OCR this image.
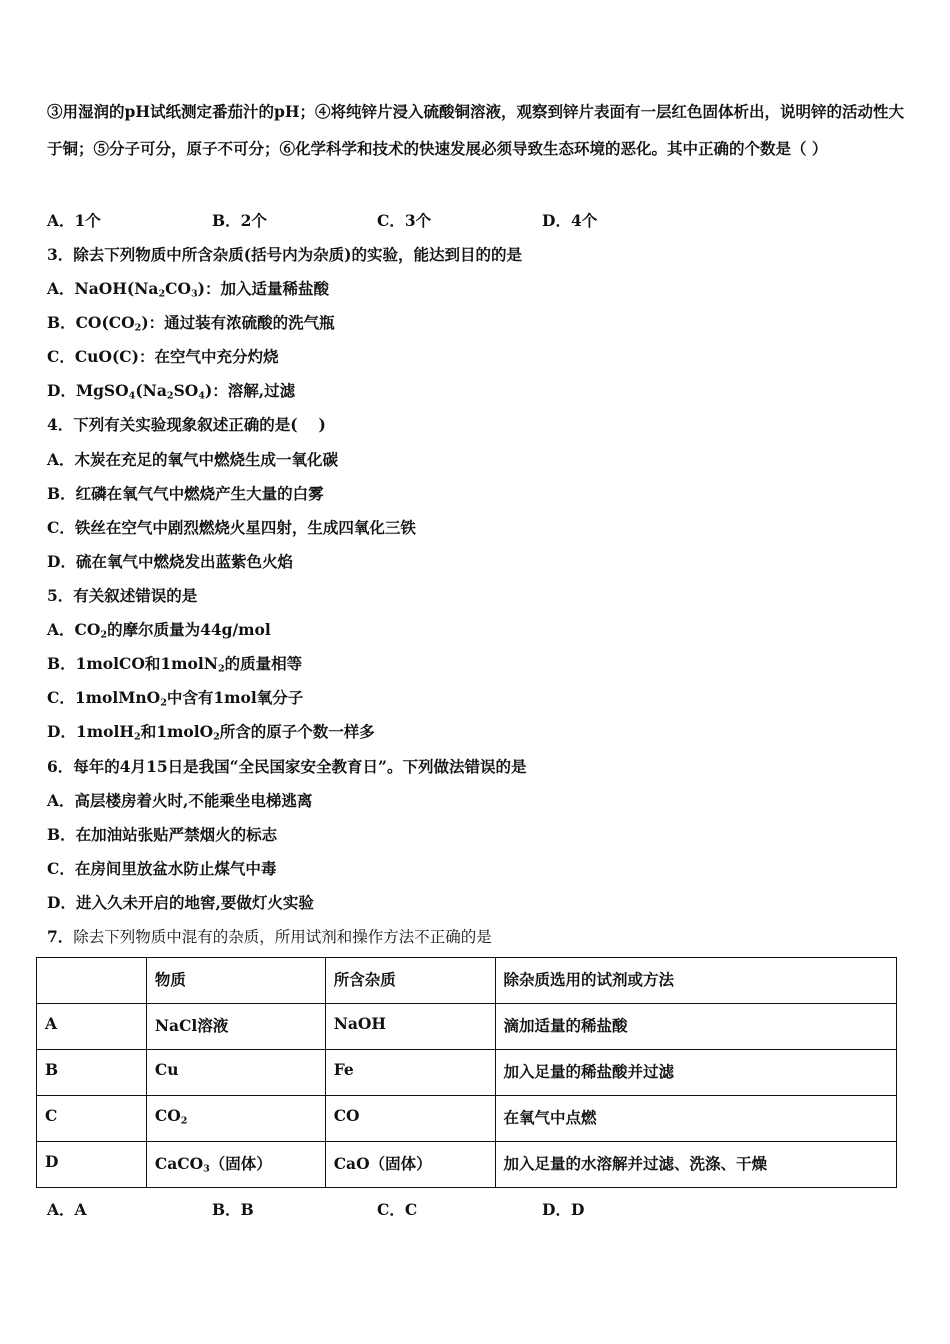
③用湿润的pH试纸测定番茄汁的pH；④将纯锌片浸入硫酸铜溶液，观察到锌片表面有一层红色固体析出，说明锌的活动性大于铜；⑤分子可分，原子不可分；⑥化学科学和技术的快速发展必须导致生态环境的恶化。其中正确的个数是（ ）
A．1个	B．2个	C．3个	D．4个
3．除去下列物质中所含杂质(括号内为杂质)的实验，能达到目的的是
A．$NaOH(Na_2CO_3)$：加入适量稀盐酸
B．$CO(CO_2)$：通过装有浓硫酸的洗气瓶
C．CuO(C)：在空气中充分灼烧
D．$MgSO_4(Na_2SO_4)$：溶解,过滤
4．下列有关实验现象叙述正确的是(　 )
A．木炭在充足的氧气中燃烧生成一氧化碳
B．红磷在氧气气中燃烧产生大量的白雾
C．铁丝在空气中剧烈燃烧火星四射，生成四氧化三铁
D．硫在氧气中燃烧发出蓝紫色火焰
5．有关叙述错误的是
A．$CO_2$的摩尔质量为44g/mol
B．1molCO和1molN$_2$的质量相等
C．1molMnO$_2$中含有1mol氧分子
D．1molH$_2$和1molO$_2$所含的原子个数一样多
6．每年的4月15日是我国“全民国家安全教育日”。下列做法错误的是
A．高层楼房着火时,不能乘坐电梯逃离
B．在加油站张贴严禁烟火的标志
C．在房间里放盆水防止煤气中毒
D．进入久未开启的地窖,要做灯火实验
7．除去下列物质中混有的杂质，所用试剂和操作方法不正确的是
	物质	所含杂质	除杂质选用的试剂或方法
A	NaCl溶液	NaOH	滴加适量的稀盐酸
B	Cu	Fe	加入足量的稀盐酸并过滤
C	$CO_2$	CO	在氧气中点燃
D	CaCO$_3$（固体）	CaO（固体）	加入足量的水溶解并过滤、洗涤、干燥
A．A	B．B	C．C	D．D
